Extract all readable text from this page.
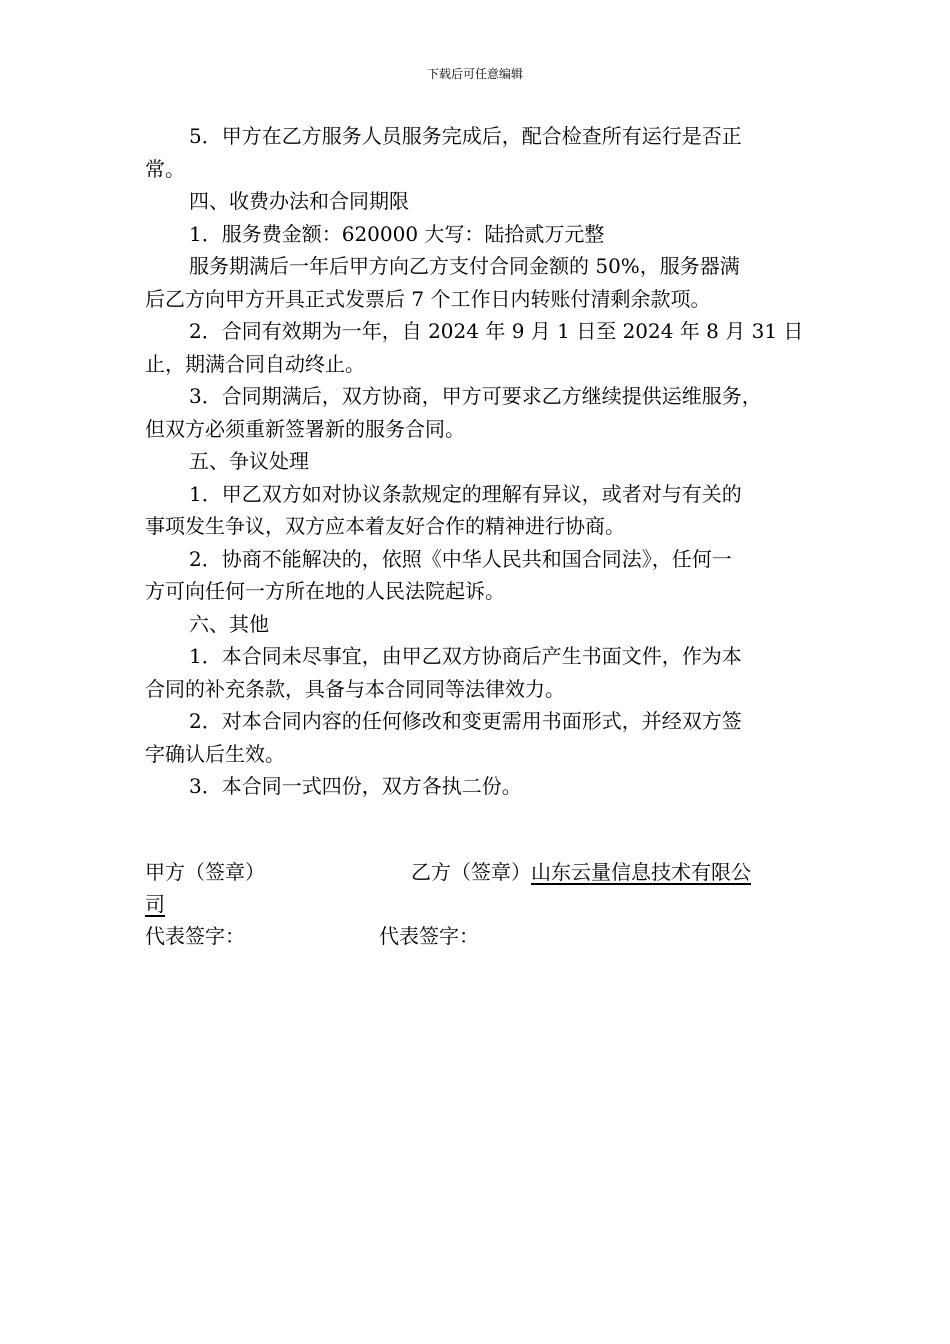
下载后可任意编辑
5．甲方在乙方服务人员服务完成后，配合检查所有运行是否正
常。
四、收费办法和合同期限
1．服务费金额：620000 大写：陆拾贰万元整
服务期满后一年后甲方向乙方支付合同金额的 50%，服务器满
后乙方向甲方开具正式发票后 7 个工作日内转账付清剩余款项。
2．合同有效期为一年，自 2024 年 9 月 1 日至 2024 年 8 月 31 日
止，期满合同自动终止。
3．合同期满后，双方协商，甲方可要求乙方继续提供运维服务，
但双方必须重新签署新的服务合同。
五、争议处理
1．甲乙双方如对协议条款规定的理解有异议，或者对与有关的
事项发生争议，双方应本着友好合作的精神进行协商。
2．协商不能解决的，依照《中华人民共和国合同法》，任何一
方可向任何一方所在地的人民法院起诉。
六、其他
1．本合同未尽事宜，由甲乙双方协商后产生书面文件，作为本
合同的补充条款，具备与本合同同等法律效力。
2．对本合同内容的任何修改和变更需用书面形式，并经双方签
字确认后生效。
3．本合同一式四份，双方各执二份。
甲方（签章）	乙方（签章）山东云量信息技术有限公
司
代表签字：	代表签字：
